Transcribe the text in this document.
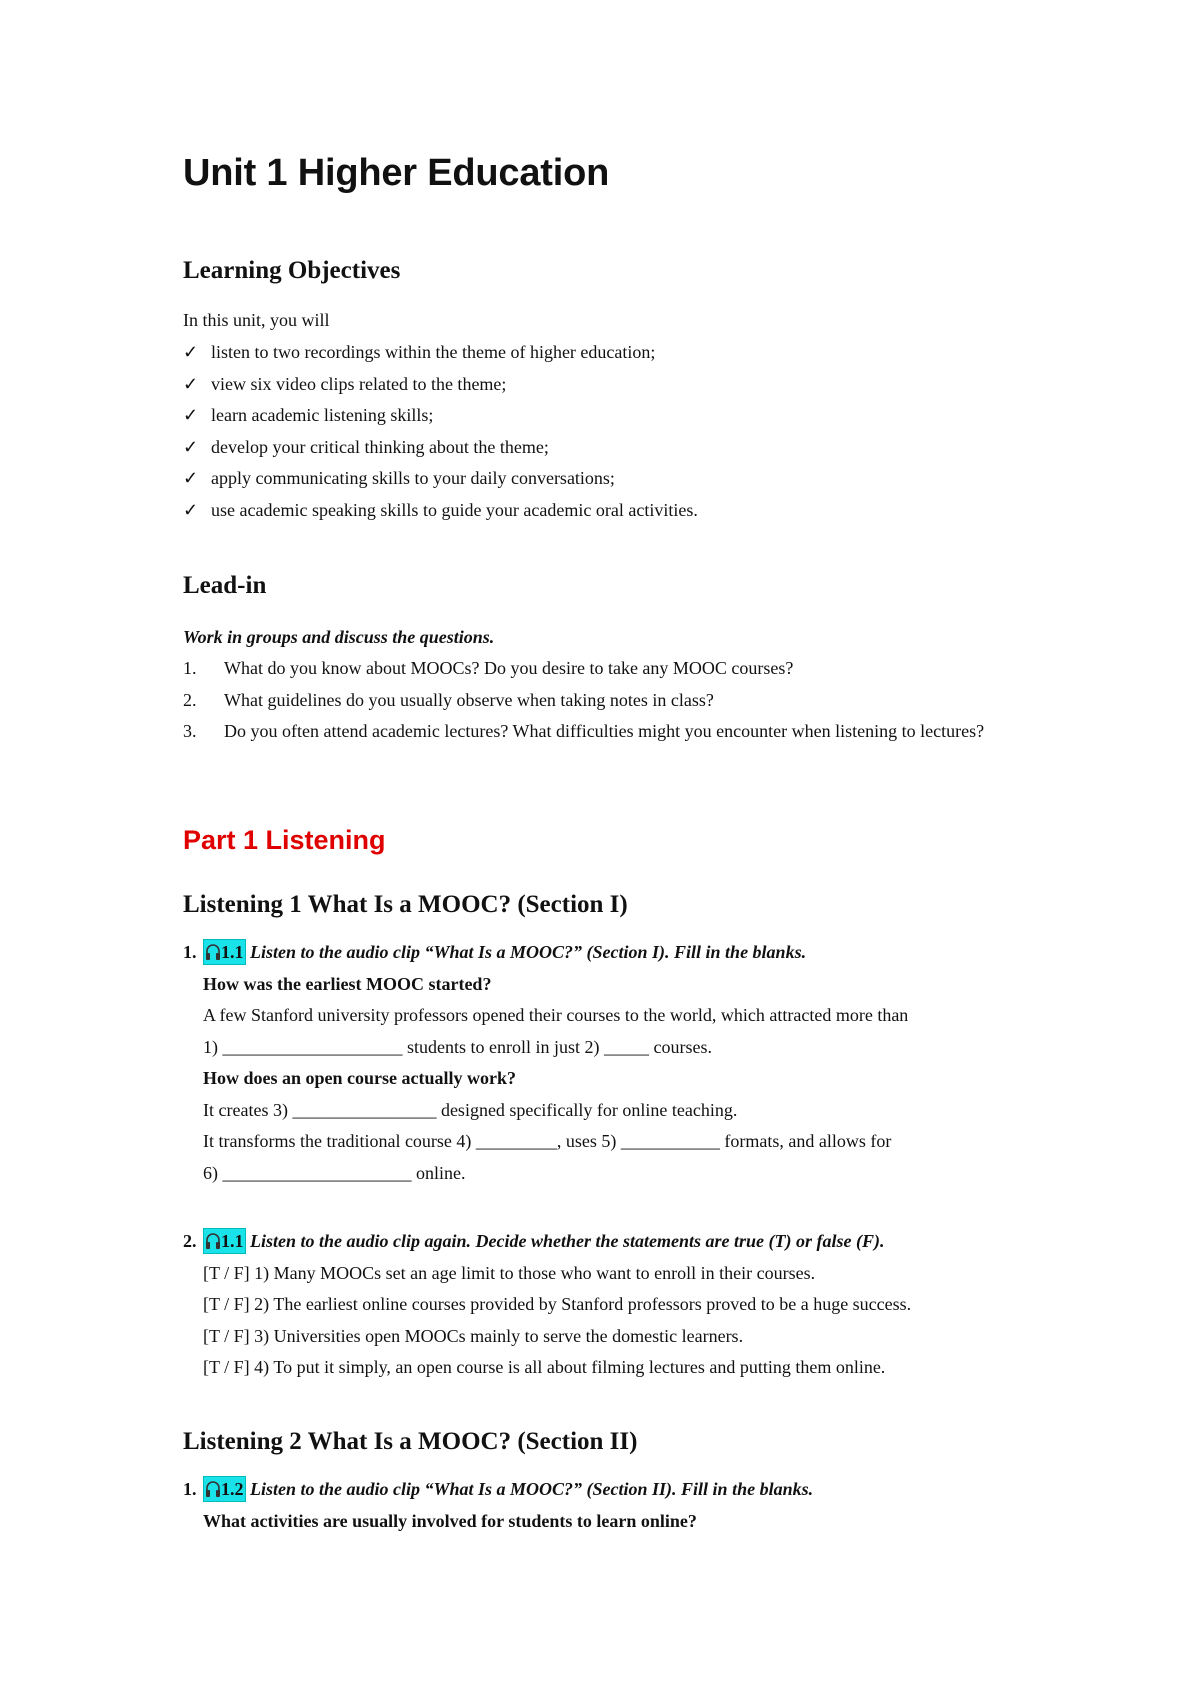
Unit 1 Higher Education
Learning Objectives

In this unit, you will

✓ listen to two recordings within the theme of higher education;
✓ view six video clips related to the theme;
✓ learn academic listening skills;
✓ develop your critical thinking about the theme;
✓ apply communicating skills to your daily conversations;
✓ use academic speaking skills to guide your academic oral activities.
Lead-in

Work in groups and discuss the questions.

1. What do you know about MOOCs? Do you desire to take any MOOC courses?
2. What guidelines do you usually observe when taking notes in class?
3. Do you often attend academic lectures? What difficulties might you encounter when listening to lectures?
Part 1 Listening
Listening 1 What Is a MOOC? (Section I)
1. 1.1 Listen to the audio clip “What Is a MOOC?” (Section I). Fill in the blanks.
How was the earliest MOOC started?
A few Stanford university professors opened their courses to the world, which attracted more than
1) ____________________ students to enroll in just 2) _____ courses.
How does an open course actually work?
It creates 3) ________________ designed specifically for online teaching.
It transforms the traditional course 4) _________, uses 5) ___________ formats, and allows for
6) _____________________ online.
2. 1.1 Listen to the audio clip again. Decide whether the statements are true (T) or false (F).
[T / F] 1) Many MOOCs set an age limit to those who want to enroll in their courses.
[T / F] 2) The earliest online courses provided by Stanford professors proved to be a huge success.
[T / F] 3) Universities open MOOCs mainly to serve the domestic learners.
[T / F] 4) To put it simply, an open course is all about filming lectures and putting them online.
Listening 2 What Is a MOOC? (Section II)
1. 1.2 Listen to the audio clip “What Is a MOOC?” (Section II). Fill in the blanks.
What activities are usually involved for students to learn online?
